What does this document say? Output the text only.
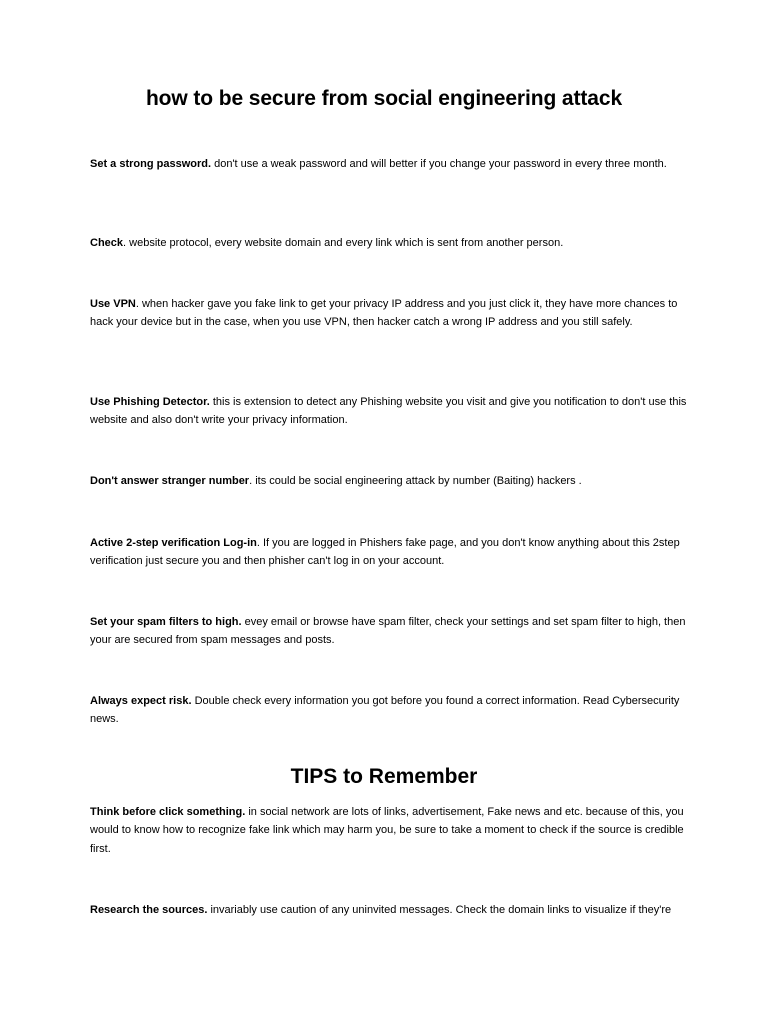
how to be secure from social engineering attack

Set a strong password. don't use a weak password and will better if you change your password in every three month.

Check. website protocol, every website domain and every link which is sent from another person.

Use VPN. when hacker gave you fake link to get your privacy IP address and you just click it, they have more chances to hack your device but in the case, when you use VPN, then hacker catch a wrong IP address and you still safely.

Use Phishing Detector. this is extension to detect any Phishing website you visit and give you notification to don't use this website and also don't write your privacy information.

Don't answer stranger number. its could be social engineering attack by number (Baiting) hackers .

Active 2-step verification Log-in. If you are logged in Phishers fake page, and you don't know anything about this 2step verification just secure you and then phisher can't log in on your account.

Set your spam filters to high. evey email or browse have spam filter, check your settings and set spam filter to high, then your are secured from spam messages and posts.

Always expect risk. Double check every information you got before you found a correct information. Read Cybersecurity news.

TIPS to Remember

Think before click something. in social network are lots of links, advertisement, Fake news and etc. because of this, you would to know how to recognize fake link which may harm you, be sure to take a moment to check if the source is credible first.

Research the sources. invariably use caution of any uninvited messages. Check the domain links to visualize if they're
